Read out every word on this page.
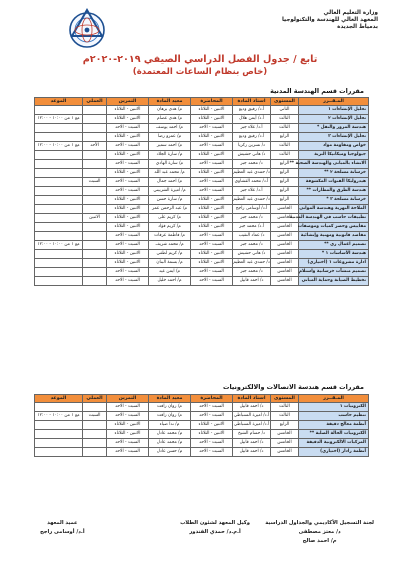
وزارة التعليم العالي
المعهد العالي للهندسة والتكنولوجيا
بدمياط الجديدة
تابع / جدول الفصل الدراسي الصيفي ٢٠١٩-٢٠٢٠م
(خاص بنظام الساعات المعتمدة)
مقررات قسم الهندسة المدنية
المـقــرر	المستوى	استاذ المادة	المحاضرة	معيد المادة	التمرين	العملي	الموعد
تحليل الإنشاءات ١	الثاني	أ.د/ رفيق وديع	الاثنين - الثلاثاء	م/ هدى برهان	الاثنين - الثلاثاء		
تحليل الإنشاءات ٢	الثالث	أ.د/ أيمن هلال	الاثنين - الثلاثاء	م/ هدى عصام	الاثنين - الثلاثاء		مع ١ من ١٠:٠٠ - ١٢:٠٠
هندسة المرور والنقل *	الثالث	أ.د/ علاء جبر	السبت - الاحد	م/ احمد يوسف	السبت - الاحد		
تحليل الإنشاءات ٣	الرابع	أ.د/ رفيق وديع	الاثنين - الثلاثاء	م/ عمرو رضا	الاثنين - الثلاثاء		
خواص ومقاومة مواد	الثالث	د/ نسرين زكريا	السبت - الاحد	م/ احمد سمير	السبت - الاحد	الأحد	مع ١ من ١٠:٠٠ - ١٢:٠٠
جيولوجيا وميكانيكا التربة	الثالث	د/ هاني حشيش	الاثنين - الثلاثاء	م/ سارة الجلاد	الاثنين - الثلاثاء		
الانشاء بالمبانى والهندسة الصحية **	الرابع	د/ محمد جبر	السبت - الاحد	م/ سارة الهادي	السبت - الاحد		
خرسانة مسلحة ٢ **	الرابع	د/ حمدي عبد العظيم	الاثنين - الثلاثاء	م/ محمد عبد الله	الاثنين - الثلاثاء		
هيدروليكا القنوات المكشوفة	الرابع	أ.د/ محمد القشاوي	السبت - الاحد	م/ احمد جمال	السبت - الاحد	السبت	
هندسة الطرق والمطارات **	الرابع	أ.د/ علاء جبر	السبت - الاحد	م/ اميرة الشربيني	السبت - الاحد		
خرسانة مسلحة ٣ *	الرابع	د/ حمدي عبد العظيم	الاثنين - الثلاثاء	م/ سارة حسن	الاثنين - الثلاثاء		
الملاحة النهرية وهندسة الموانى	الخامس	أ.د/ أوسامى راجح	الاثنين - الثلاثاء	م/ عبد الرحمن عمر	الاثنين - الثلاثاء		
تطبيقات حاسب في الهندسة المدنية	الخامس	د/ محمد جبر	الاثنين - الثلاثاء	م/ كريم على	الاثنين - الثلاثاء	الاثنين	
مقاييس وحصر كميات وموصفات	الخامس	أ.د/ محمد جبر	الاثنين - الثلاثاء	م/ كريم فؤاد	الاثنين - الثلاثاء		
مقاصد قانونية ومهنية وإنشائية	الخامس	د/ عماد النقيب	السبت - الاحد	م/ فاطمة عرفات	السبت - الاحد		
تصميم اعمال ري **	الخامس	د/ محمد جبر	السبت - الاحد	م/ محمد شريف	السبت - الاحد		مع ١ من ١٠:٠٠ - ١٢:٠٠
هندسة الأساسات ١ *	الخامس	د/ هاني حشيش	الاثنين - الثلاثاء	م/ كريم لطفي	الاثنين - الثلاثاء		
ادارة مشروعات ١ (اختياري)	الخامس	د/ حمدي عبد العظيم	الاثنين - الثلاثاء	م/ بسمة البنان	الاثنين - الثلاثاء		
تصميم منشآت خرسانية واستلام	الخامس	د/ محمد جبر	السبت - الاحد	م/ ايمن عيد	السبت - الاحد		
تخطيط الصيانة وحماية المباني	الخامس	د/ احمد قابيل	السبت - الاحد	م/ احمد خليل	السبت - الاحد		
مقررات قسم هندسة الاتصالات والالكترونيات
المـقــرر	المستوى	استاذ المادة	المحاضرة	معيد المادة	التمرين	العملي	الموعد
الكترونيات ١	الثالث	د/ احمد قابيل	السبت - الاحد	م/ روان رافت	السبت - الاحد		
تنظيم حاسب	الثالث	أ.د/ اميرة السنباطي	السبت - الاحد	م/ روان رافت	السبت - الاحد	السبت	مع ١ من ١٠:٠٠ - ١٢:٠٠
أنظمة معالج دقيقة	الرابع	أ.د/ اميرة السنباطي	الاثنين - الثلاثاء	م/ ندا ضياء	الاثنين - الثلاثاء		
الكترونيات الحالة الصلبة **	الخامس	د/ حسام الشيخ	الاثنين - الثلاثاء	م/ محمد عادل	الاثنين - الثلاثاء		
المركبات الالكترونية الدقيقة	الخامس	د/ احمد قابيل	السبت - الاحد	م/ محمد عادل	السبت - الاحد		
أنظمة رادار (اختياري)	الخامس	د/ احمد قابيل	السبت - الاحد	م/ حسن عادل	السبت - الاحد		
لجنة التسجيل الأكاديمي والجداول الدراسية
د/ معتز مصطفى
م/ احمد صالح
وكيل المعهد لشئون الطلاب
أ.م.د/ حمدي الفندور
عميد المعهد
أ.د/ أوسامى راجح
